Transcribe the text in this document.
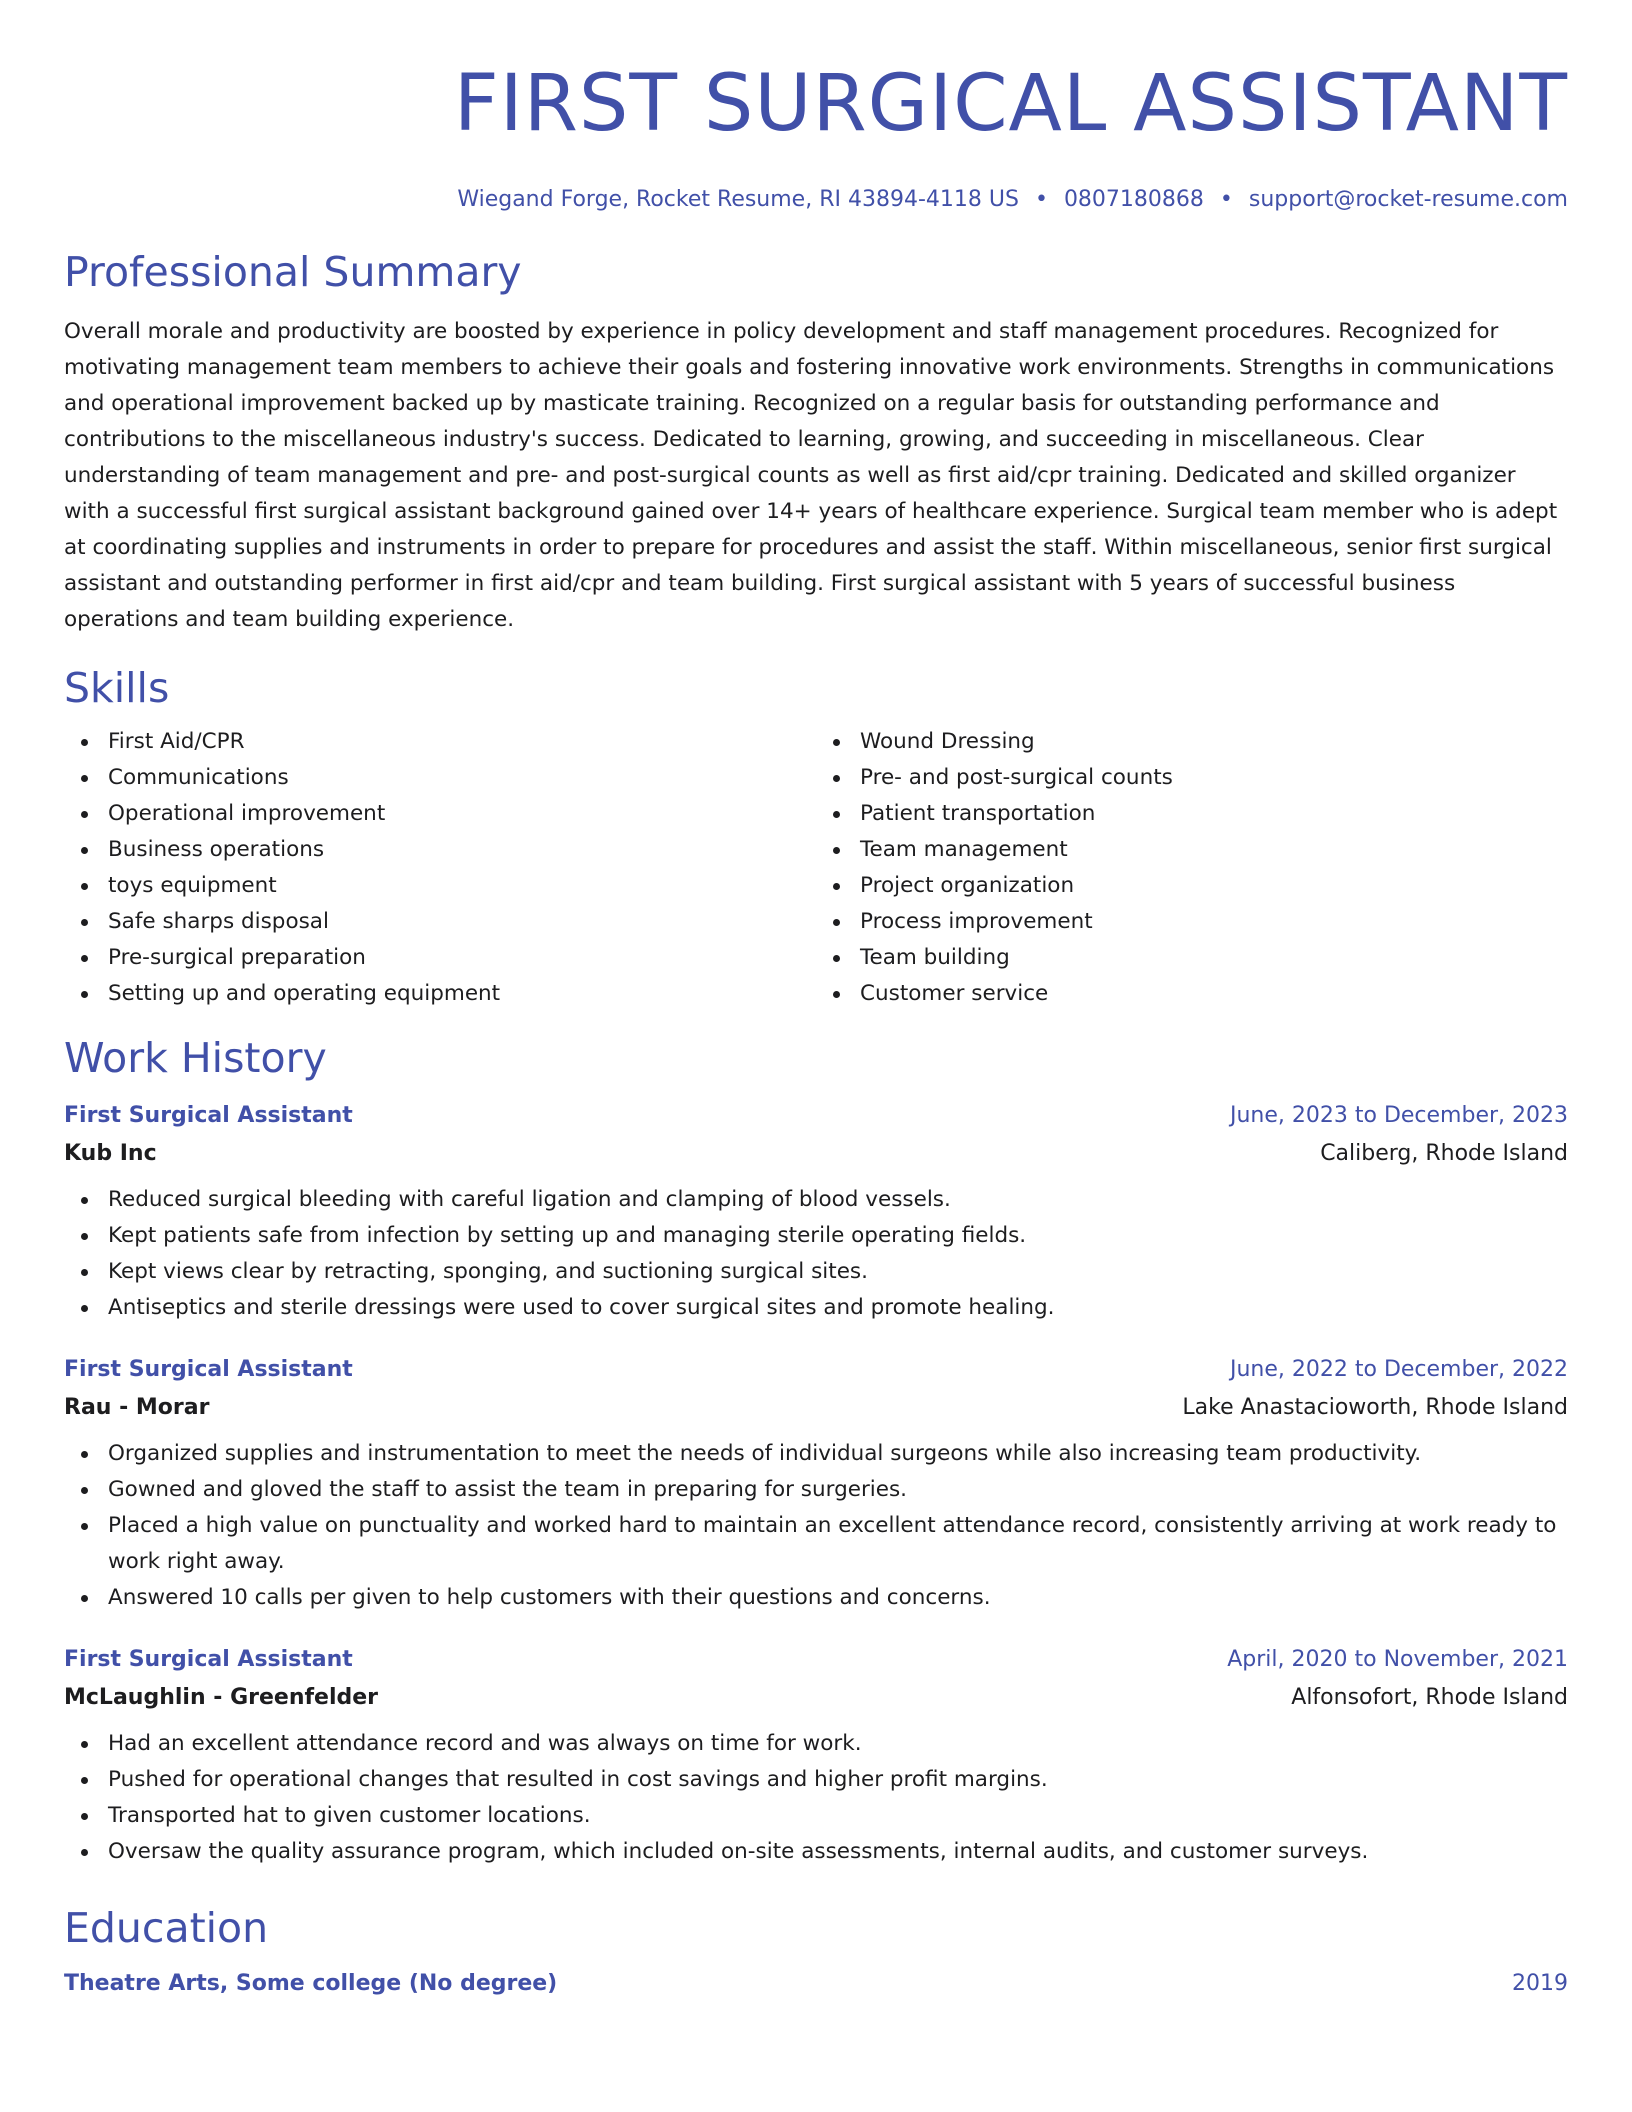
FIRST SURGICAL ASSISTANT
Wiegand Forge, Rocket Resume, RI 43894-4118 US • 0807180868 • support@rocket-resume.com
Professional Summary

Overall morale and productivity are boosted by experience in policy development and staff management procedures. Recognized for motivating management team members to achieve their goals and fostering innovative work environments. Strengths in communications and operational improvement backed up by masticate training. Recognized on a regular basis for outstanding performance and contributions to the miscellaneous industry's success. Dedicated to learning, growing, and succeeding in miscellaneous. Clear understanding of team management and pre- and post-surgical counts as well as first aid/cpr training. Dedicated and skilled organizer with a successful first surgical assistant background gained over 14+ years of healthcare experience. Surgical team member who is adept at coordinating supplies and instruments in order to prepare for procedures and assist the staff. Within miscellaneous, senior first surgical assistant and outstanding performer in first aid/cpr and team building. First surgical assistant with 5 years of successful business operations and team building experience.

Skills
First Aid/CPR
Communications
Operational improvement
Business operations
toys equipment
Safe sharps disposal
Pre-surgical preparation
Setting up and operating equipment
Wound Dressing
Pre- and post-surgical counts
Patient transportation
Team management
Project organization
Process improvement
Team building
Customer service
Work History
First Surgical Assistant	June, 2023 to December, 2023
Kub Inc	Caliberg, Rhode Island
Reduced surgical bleeding with careful ligation and clamping of blood vessels.
Kept patients safe from infection by setting up and managing sterile operating fields.
Kept views clear by retracting, sponging, and suctioning surgical sites.
Antiseptics and sterile dressings were used to cover surgical sites and promote healing.
First Surgical Assistant	June, 2022 to December, 2022
Rau - Morar	Lake Anastacioworth, Rhode Island
Organized supplies and instrumentation to meet the needs of individual surgeons while also increasing team productivity.
Gowned and gloved the staff to assist the team in preparing for surgeries.
Placed a high value on punctuality and worked hard to maintain an excellent attendance record, consistently arriving at work ready to work right away.
Answered 10 calls per given to help customers with their questions and concerns.
First Surgical Assistant	April, 2020 to November, 2021
McLaughlin - Greenfelder	Alfonsofort, Rhode Island
Had an excellent attendance record and was always on time for work.
Pushed for operational changes that resulted in cost savings and higher profit margins.
Transported hat to given customer locations.
Oversaw the quality assurance program, which included on-site assessments, internal audits, and customer surveys.
Education
Theatre Arts, Some college (No degree)	2019
